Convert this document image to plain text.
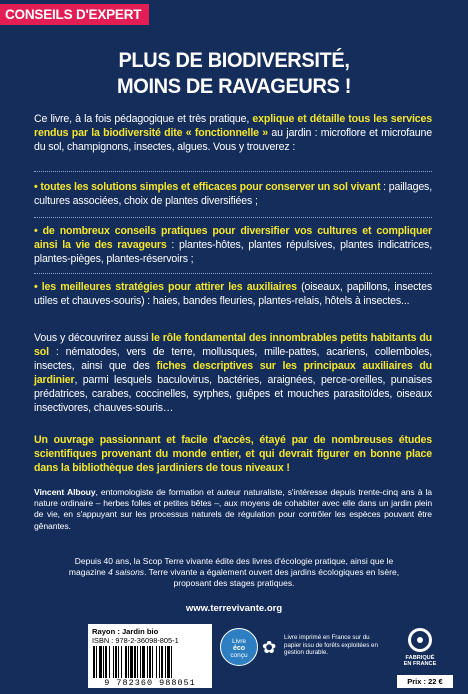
CONSEILS D'EXPERT
PLUS DE BIODIVERSITÉ,
MOINS DE RAVAGEURS !
Ce livre, à la fois pédagogique et très pratique, explique et détaille tous les services rendus par la biodiversité dite « fonctionnelle » au jardin : microflore et microfaune du sol, champignons, insectes, algues. Vous y trouverez :
• toutes les solutions simples et efficaces pour conserver un sol vivant : paillages, cultures associées, choix de plantes diversifiées ;
• de nombreux conseils pratiques pour diversifier vos cultures et compliquer ainsi la vie des ravageurs : plantes-hôtes, plantes répulsives, plantes indicatrices, plantes-pièges, plantes-réservoirs ;
• les meilleures stratégies pour attirer les auxiliaires (oiseaux, papillons, insectes utiles et chauves-souris) : haies, bandes fleuries, plantes-relais, hôtels à insectes...
Vous y découvrirez aussi le rôle fondamental des innombrables petits habitants du sol : nématodes, vers de terre, mollusques, mille-pattes, acariens, collemboles, insectes, ainsi que des fiches descriptives sur les principaux auxiliaires du jardinier, parmi lesquels baculovirus, bactéries, araignées, perce-oreilles, punaises prédatrices, carabes, coccinelles, syrphes, guêpes et mouches parasitoïdes, oiseaux insectivores, chauves-souris…
Un ouvrage passionnant et facile d'accès, étayé par de nombreuses études scientifiques provenant du monde entier, et qui devrait figurer en bonne place dans la bibliothèque des jardiniers de tous niveaux !
Vincent Albouy, entomologiste de formation et auteur naturaliste, s'intéresse depuis trente-cinq ans à la nature ordinaire – herbes folles et petites bêtes –, aux moyens de cohabiter avec elle dans un jardin plein de vie, en s'appuyant sur les processus naturels de régulation pour contrôler les espèces pouvant être gênantes.
Depuis 40 ans, la Scop Terre vivante édite des livres d'écologie pratique, ainsi que le magazine 4 saisons. Terre vivante a également ouvert des jardins écologiques en Isère, proposant des stages pratiques.
www.terrevivante.org
Rayon : Jardin bio
ISBN : 978-2-36098-805-1
9 782360 988051
Livre
éco
conçu ✿
Livre imprimé en France sur du papier issu de forêts exploitées en gestion durable.
FABRIQUÉ
EN FRANCE
Prix : 22 €
